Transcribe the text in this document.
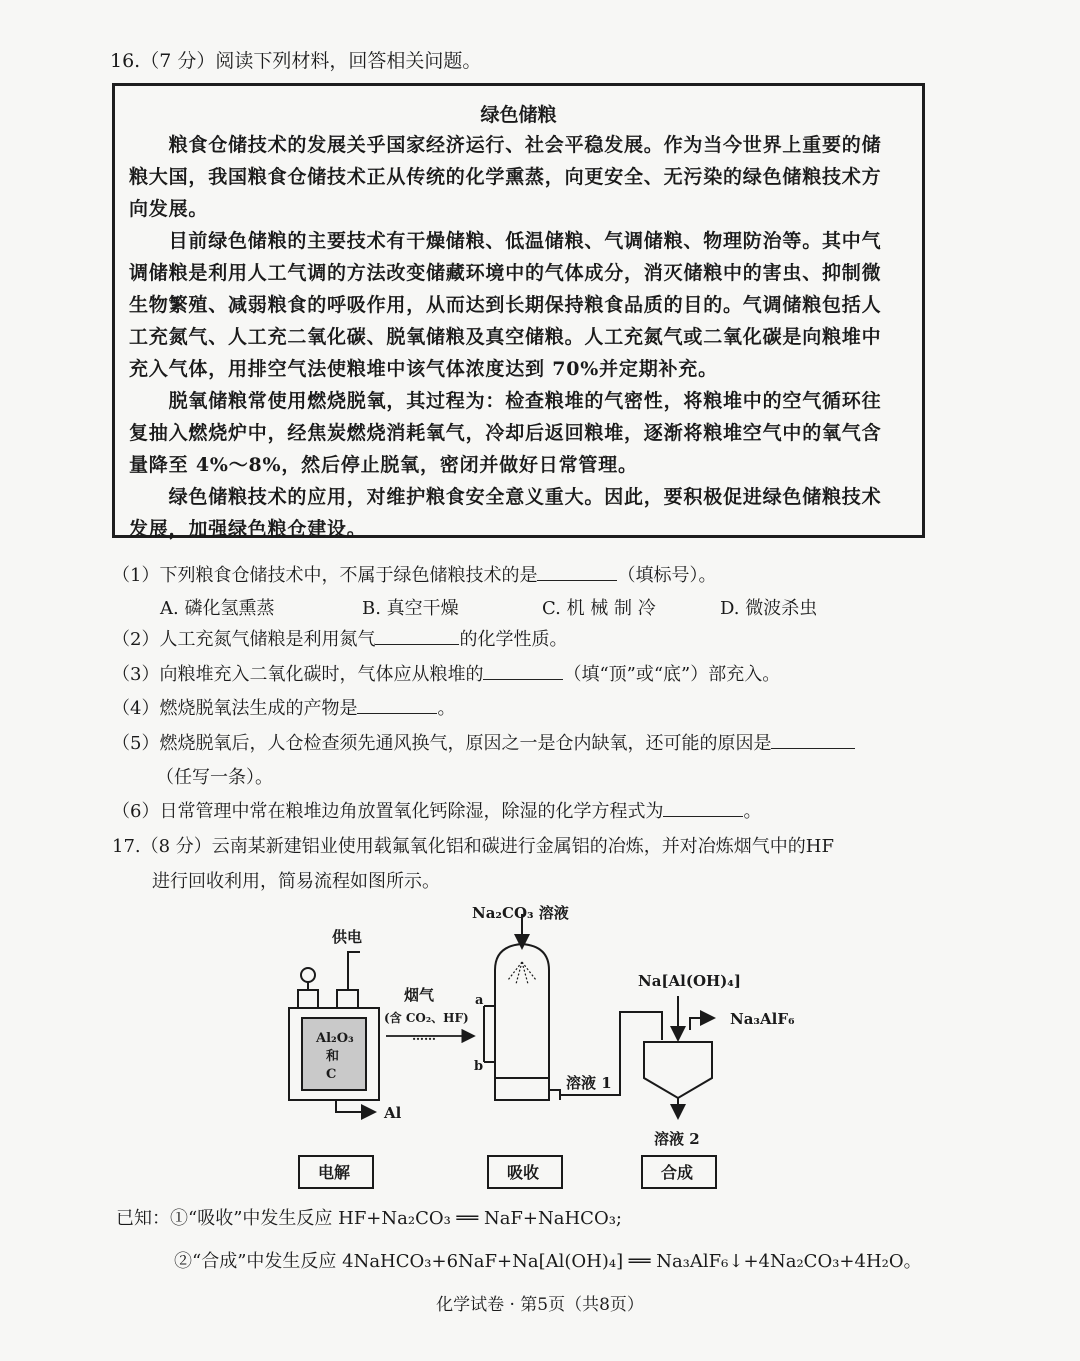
16.（7 分）阅读下列材料，回答相关问题。
绿色储粮
　　粮食仓储技术的发展关乎国家经济运行、社会平稳发展。作为当今世界上重要的储
粮大国，我国粮食仓储技术正从传统的化学熏蒸，向更安全、无污染的绿色储粮技术方
向发展。
　　目前绿色储粮的主要技术有干燥储粮、低温储粮、气调储粮、物理防治等。其中气
调储粮是利用人工气调的方法改变储藏环境中的气体成分，消灭储粮中的害虫、抑制微
生物繁殖、减弱粮食的呼吸作用，从而达到长期保持粮食品质的目的。气调储粮包括人
工充氮气、人工充二氧化碳、脱氧储粮及真空储粮。人工充氮气或二氧化碳是向粮堆中
充入气体，用排空气法使粮堆中该气体浓度达到 70%并定期补充。
　　脱氧储粮常使用燃烧脱氧，其过程为：检查粮堆的气密性，将粮堆中的空气循环往
复抽入燃烧炉中，经焦炭燃烧消耗氧气，冷却后返回粮堆，逐渐将粮堆空气中的氧气含
量降至 4%～8%，然后停止脱氧，密闭并做好日常管理。
　　绿色储粮技术的应用，对维护粮食安全意义重大。因此，要积极促进绿色储粮技术
发展，加强绿色粮仓建设。
（1）下列粮食仓储技术中，不属于绿色储粮技术的是	（填标号）。
A. 磷化氢熏蒸	B. 真空干燥	C. 机 械 制 冷	D. 微波杀虫
（2）人工充氮气储粮是利用氮气	的化学性质。
（3）向粮堆充入二氧化碳时，气体应从粮堆的	（填“顶”或“底”）部充入。
（4）燃烧脱氧法生成的产物是	。
（5）燃烧脱氧后，人仓检查须先通风换气，原因之一是仓内缺氧，还可能的原因是
（任写一条）。
（6）日常管理中常在粮堆边角放置氧化钙除湿，除湿的化学方程式为	。
17.（8 分）云南某新建铝业使用载氟氧化铝和碳进行金属铝的冶炼，并对冶炼烟气中的HF
进行回收利用，简易流程如图所示。
Na₂CO₃ 溶液
供电
Al₂O₃
和
C
烟气
(含 CO₂、HF)
……
a
b
Al
Na[Al(OH)₄]
Na₃AlF₆
溶液 1
溶液 2
电解	吸收	合成
已知：①“吸收”中发生反应 HF+Na₂CO₃ ══ NaF+NaHCO₃;
②“合成”中发生反应 4NaHCO₃+6NaF+Na[Al(OH)₄] ══ Na₃AlF₆↓+4Na₂CO₃+4H₂O。
化学试卷 · 第5页（共8页）
